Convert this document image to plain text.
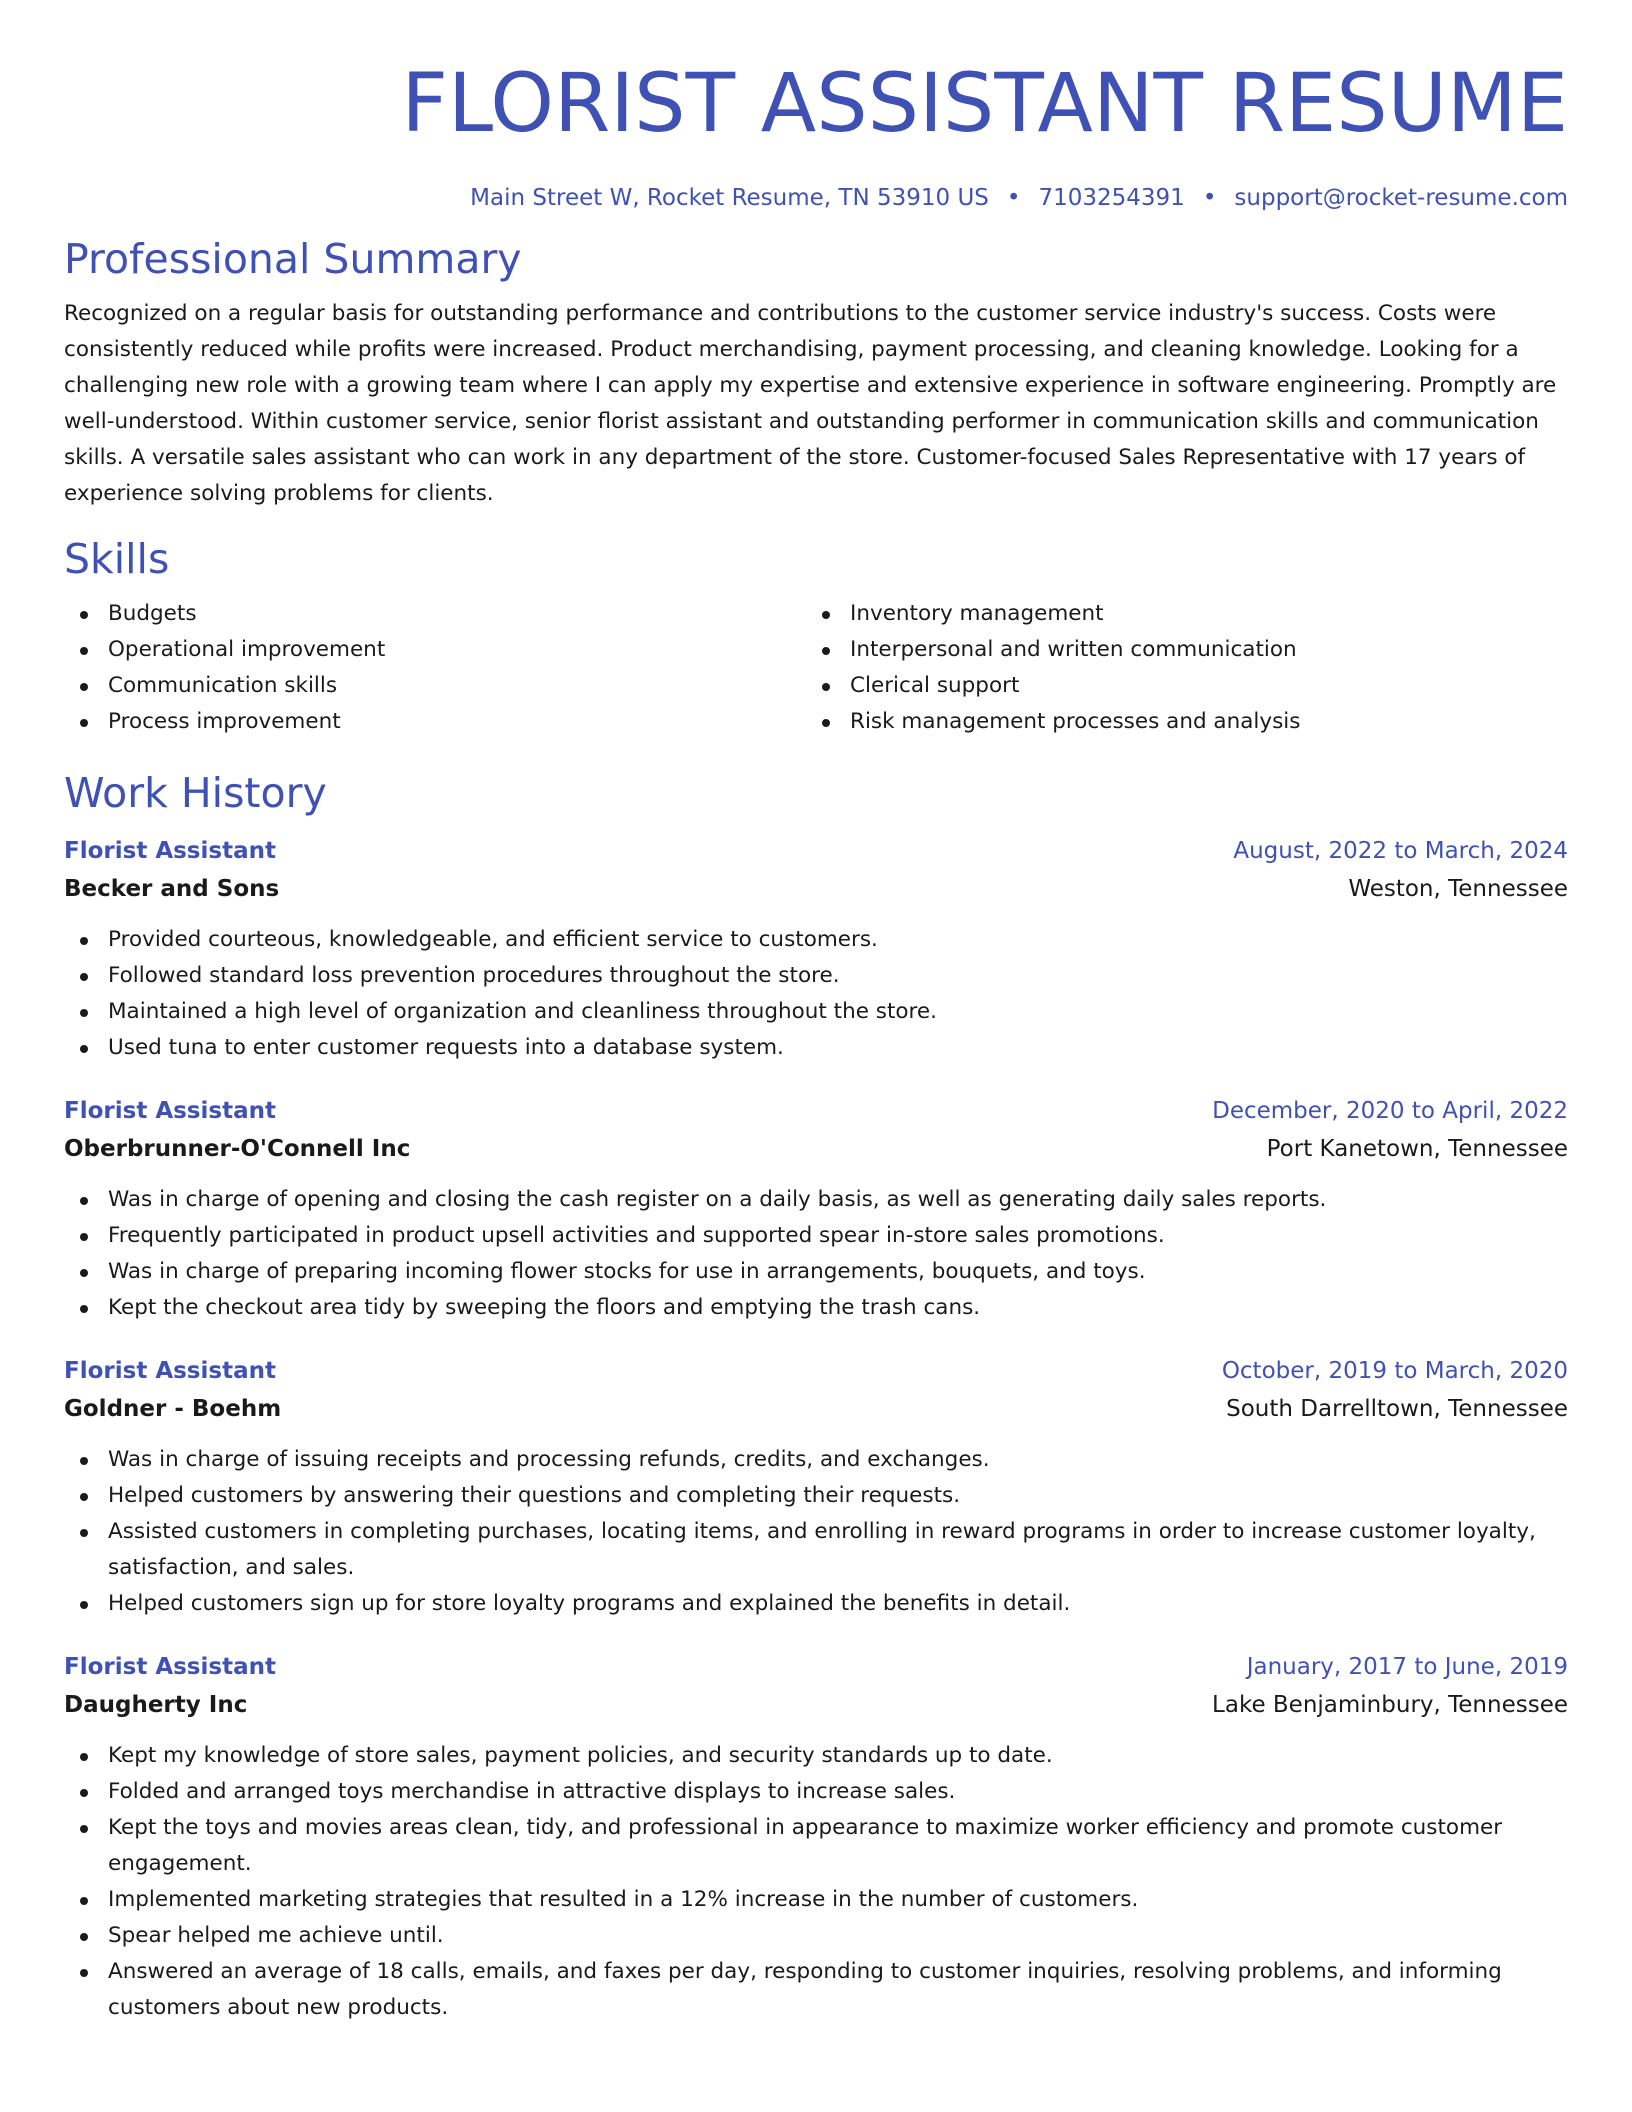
FLORIST ASSISTANT RESUME
Main Street W, Rocket Resume, TN 53910 US • 7103254391 • support@rocket-resume.com
Professional Summary

Recognized on a regular basis for outstanding performance and contributions to the customer service industry's success. Costs were consistently reduced while profits were increased. Product merchandising, payment processing, and cleaning knowledge. Looking for a challenging new role with a growing team where I can apply my expertise and extensive experience in software engineering. Promptly are well-understood. Within customer service, senior florist assistant and outstanding performer in communication skills and communication skills. A versatile sales assistant who can work in any department of the store. Customer-focused Sales Representative with 17 years of experience solving problems for clients.

Skills
Budgets
Operational improvement
Communication skills
Process improvement
Inventory management
Interpersonal and written communication
Clerical support
Risk management processes and analysis
Work History
Florist Assistant	August, 2022 to March, 2024
Becker and Sons	Weston, Tennessee
Provided courteous, knowledgeable, and efficient service to customers.
Followed standard loss prevention procedures throughout the store.
Maintained a high level of organization and cleanliness throughout the store.
Used tuna to enter customer requests into a database system.
Florist Assistant	December, 2020 to April, 2022
Oberbrunner-O'Connell Inc	Port Kanetown, Tennessee
Was in charge of opening and closing the cash register on a daily basis, as well as generating daily sales reports.
Frequently participated in product upsell activities and supported spear in-store sales promotions.
Was in charge of preparing incoming flower stocks for use in arrangements, bouquets, and toys.
Kept the checkout area tidy by sweeping the floors and emptying the trash cans.
Florist Assistant	October, 2019 to March, 2020
Goldner - Boehm	South Darrelltown, Tennessee
Was in charge of issuing receipts and processing refunds, credits, and exchanges.
Helped customers by answering their questions and completing their requests.
Assisted customers in completing purchases, locating items, and enrolling in reward programs in order to increase customer loyalty, satisfaction, and sales.
Helped customers sign up for store loyalty programs and explained the benefits in detail.
Florist Assistant	January, 2017 to June, 2019
Daugherty Inc	Lake Benjaminbury, Tennessee
Kept my knowledge of store sales, payment policies, and security standards up to date.
Folded and arranged toys merchandise in attractive displays to increase sales.
Kept the toys and movies areas clean, tidy, and professional in appearance to maximize worker efficiency and promote customer engagement.
Implemented marketing strategies that resulted in a 12% increase in the number of customers.
Spear helped me achieve until.
Answered an average of 18 calls, emails, and faxes per day, responding to customer inquiries, resolving problems, and informing customers about new products.
